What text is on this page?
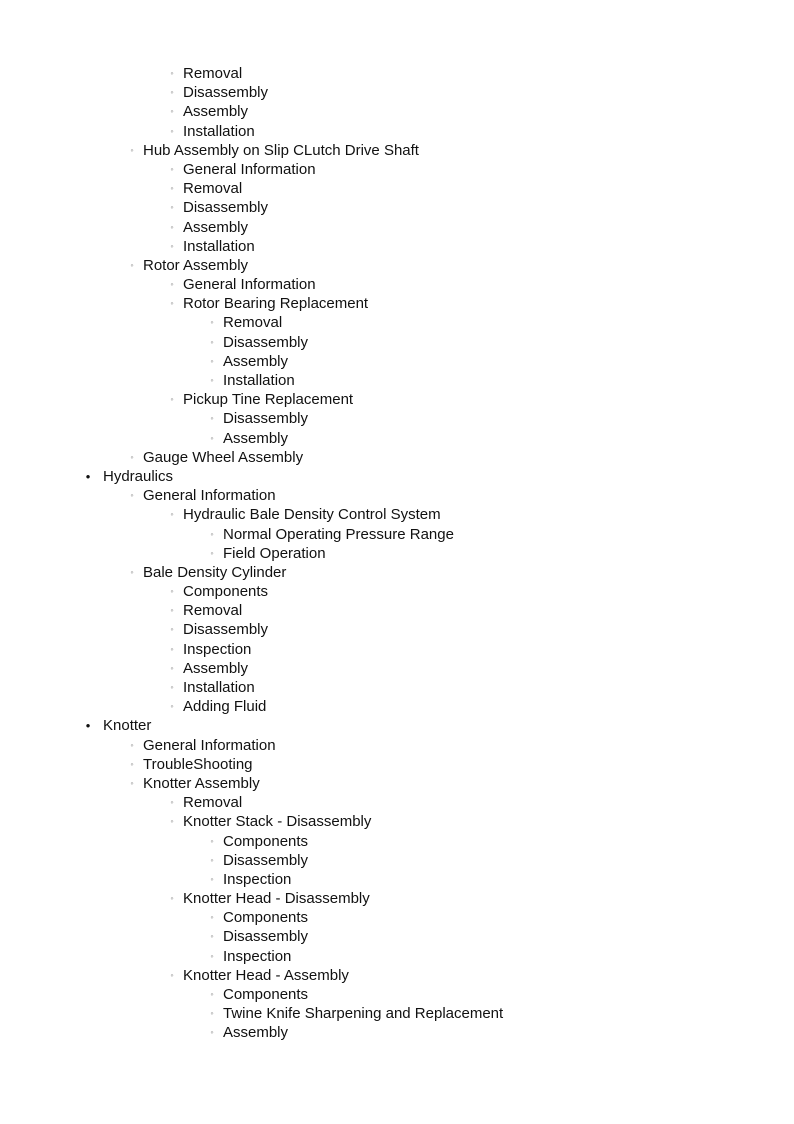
◦ Removal
◦ Disassembly
◦ Assembly
◦ Installation
◦ Hub Assembly on Slip CLutch Drive Shaft
◦ General Information
◦ Removal
◦ Disassembly
◦ Assembly
◦ Installation
◦ Rotor Assembly
◦ General Information
◦ Rotor Bearing Replacement
◦ Removal
◦ Disassembly
◦ Assembly
◦ Installation
◦ Pickup Tine Replacement
◦ Disassembly
◦ Assembly
◦ Gauge Wheel Assembly
• Hydraulics
◦ General Information
◦ Hydraulic Bale Density Control System
◦ Normal Operating Pressure Range
◦ Field Operation
◦ Bale Density Cylinder
◦ Components
◦ Removal
◦ Disassembly
◦ Inspection
◦ Assembly
◦ Installation
◦ Adding Fluid
• Knotter
◦ General Information
◦ TroubleShooting
◦ Knotter Assembly
◦ Removal
◦ Knotter Stack - Disassembly
◦ Components
◦ Disassembly
◦ Inspection
◦ Knotter Head - Disassembly
◦ Components
◦ Disassembly
◦ Inspection
◦ Knotter Head - Assembly
◦ Components
◦ Twine Knife Sharpening and Replacement
◦ Assembly
